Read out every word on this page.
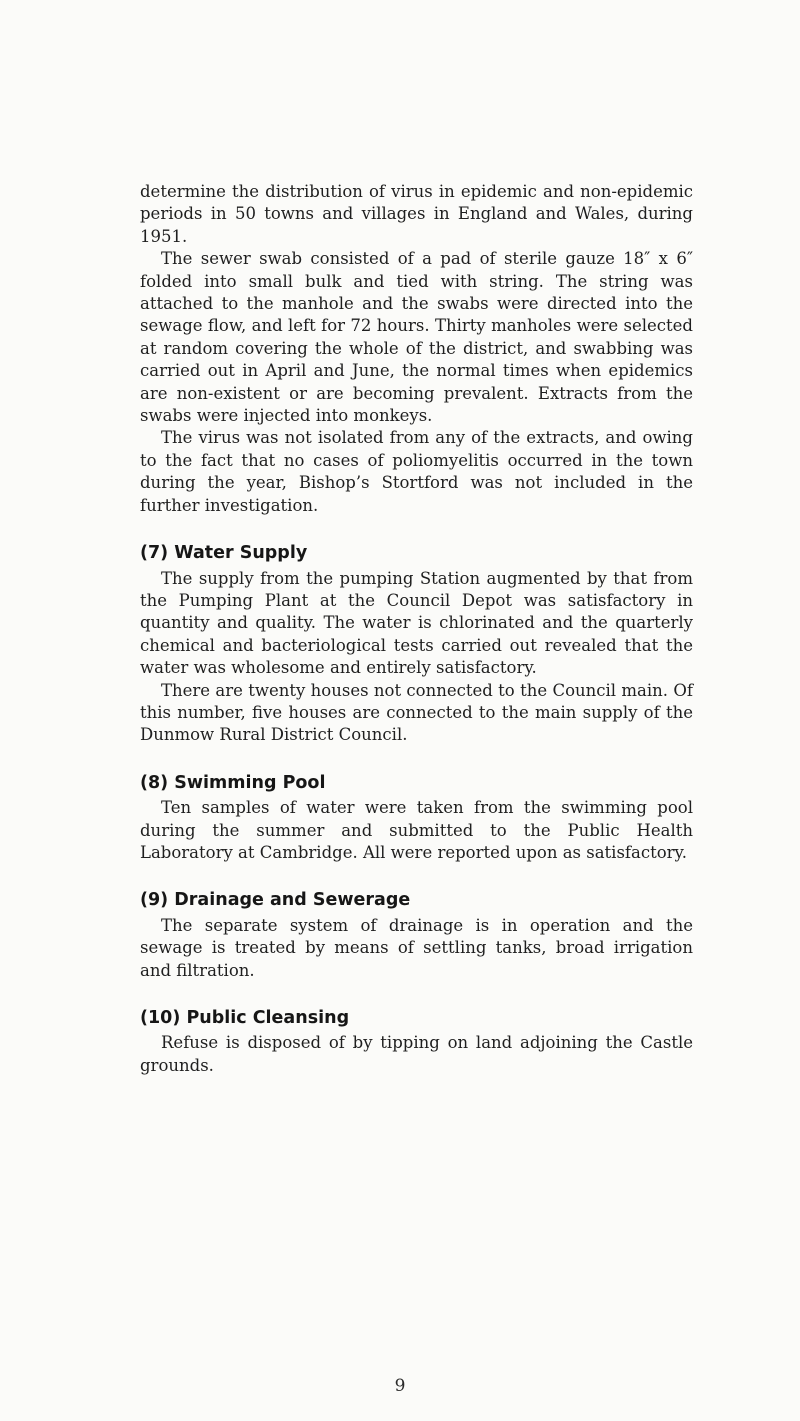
determine the distribution of virus in epidemic and non-epidemic periods in 50 towns and villages in England and Wales, during 1951.

The sewer swab consisted of a pad of sterile gauze 18″ x 6″ folded into small bulk and tied with string. The string was attached to the manhole and the swabs were directed into the sewage flow, and left for 72 hours. Thirty manholes were selected at random covering the whole of the district, and swabbing was carried out in April and June, the normal times when epidemics are non-existent or are becoming prevalent. Extracts from the swabs were injected into monkeys.

The virus was not isolated from any of the extracts, and owing to the fact that no cases of poliomyelitis occurred in the town during the year, Bishop’s Stortford was not included in the further investigation.

(7) Water Supply

The supply from the pumping Station augmented by that from the Pumping Plant at the Council Depot was satisfactory in quantity and quality. The water is chlorinated and the quarterly chemical and bacteriological tests carried out revealed that the water was wholesome and entirely satisfactory.

There are twenty houses not connected to the Council main. Of this number, five houses are connected to the main supply of the Dunmow Rural District Council.

(8) Swimming Pool

Ten samples of water were taken from the swimming pool during the summer and submitted to the Public Health Laboratory at Cambridge. All were reported upon as satisfactory.

(9) Drainage and Sewerage

The separate system of drainage is in operation and the sewage is treated by means of settling tanks, broad irrigation and filtration.

(10) Public Cleansing

Refuse is disposed of by tipping on land adjoining the Castle grounds.

9
